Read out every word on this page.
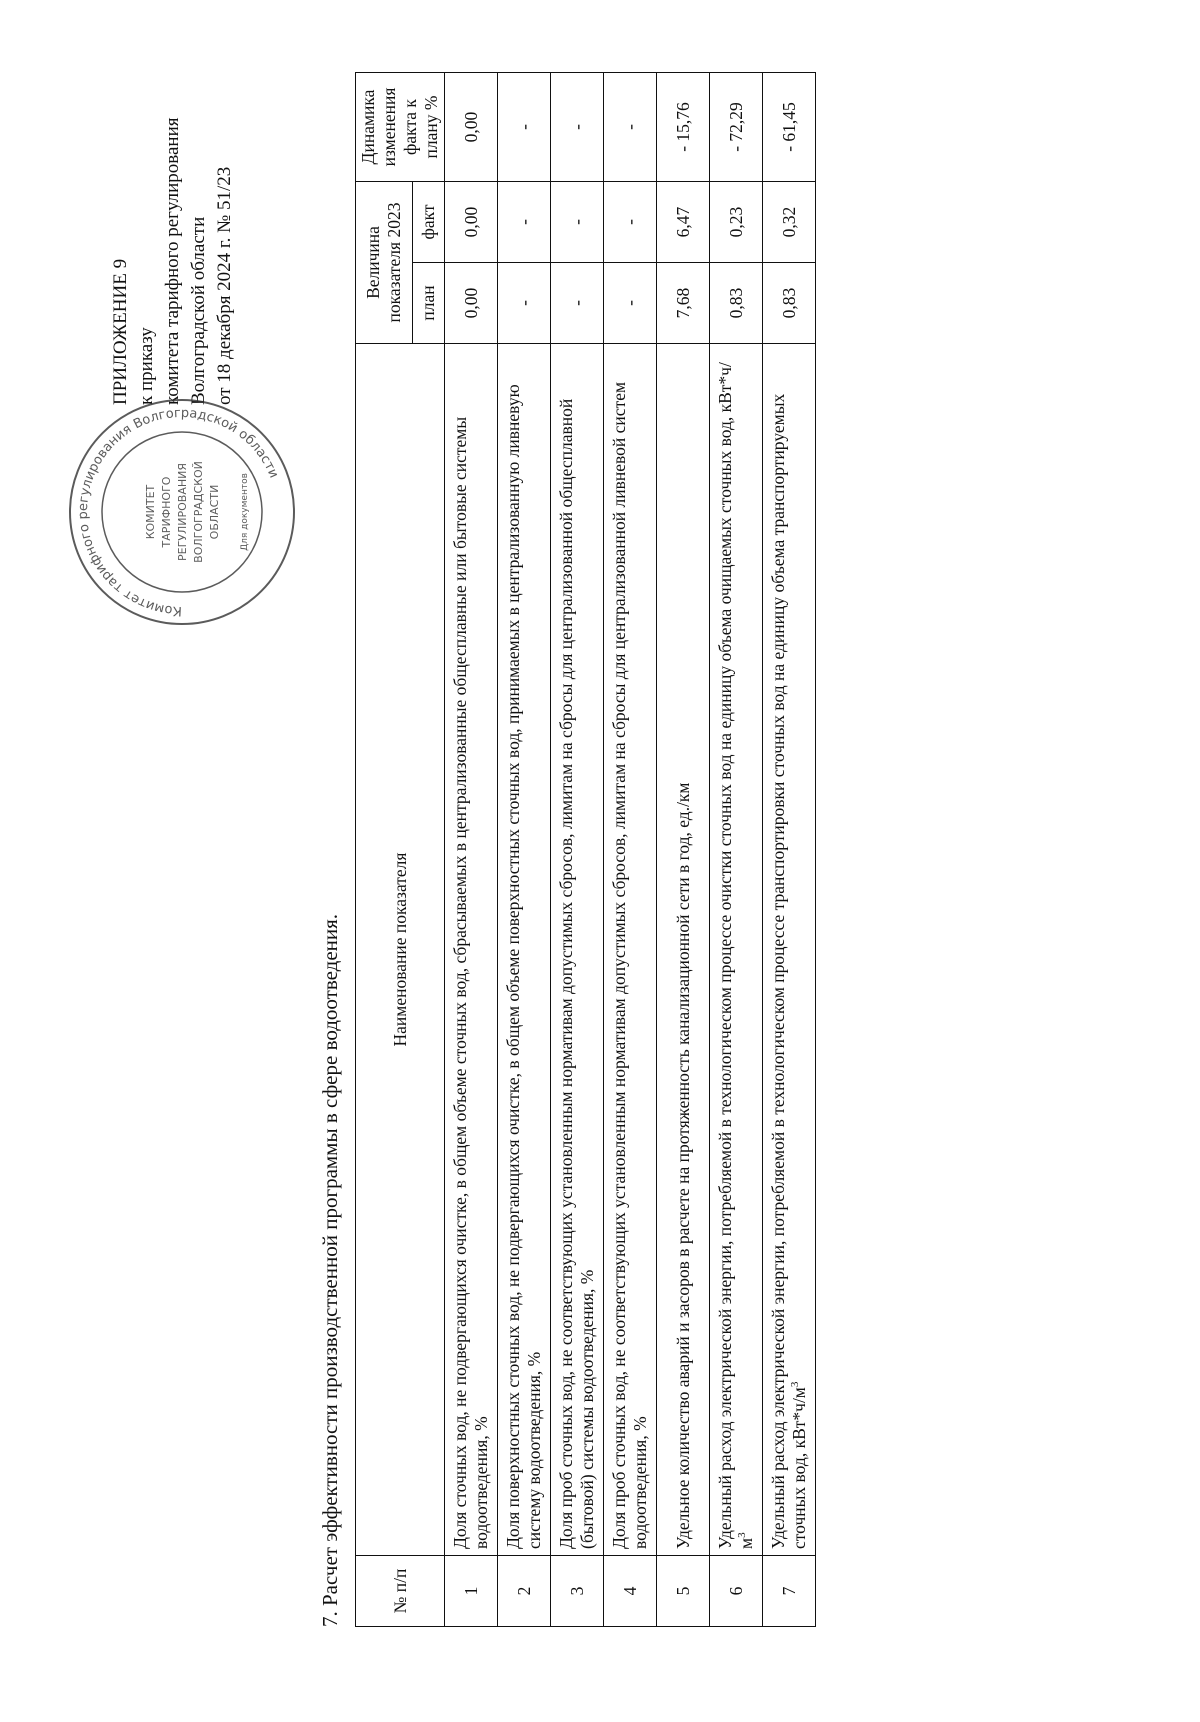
ПРИЛОЖЕНИЕ 9 к приказу комитета тарифного регулирования Волгоградской области от 18 декабря 2024 г. № 51/23
Комитет тарифного регулирования Волгоградской области
КОМИТЕТ ТАРИФНОГО РЕГУЛИРОВАНИЯ ВОЛГОГРАДСКОЙ ОБЛАСТИ Для документов
7. Расчет эффективности производственной программы в сфере водоотведения.	№ п/п	Наименование показателя	Величина показателя 2023		Динамика изменения факта к плану %
		план	факт	
1	Доля сточных вод, не подвергающихся очистке, в общем объеме сточных вод, сбрасываемых в централизованные общесплавные или бытовые системы водоотведения, %	0,00	0,00	0,00
2	Доля поверхностных сточных вод, не подвергающихся очистке, в общем объеме поверхностных сточных вод, принимаемых в централизованную ливневую систему водоотведения, %	-	-	-
3	Доля проб сточных вод, не соответствующих установленным нормативам допустимых сбросов, лимитам на сбросы для централизованной общесплавной (бытовой) системы водоотведения, %	-	-	-
4	Доля проб сточных вод, не соответствующих установленным нормативам допустимых сбросов, лимитам на сбросы для централизованной ливневой систем водоотведения, %	-	-	-
5	Удельное количество аварий и засоров в расчете на протяженность канализационной сети в год, ед./км	7,68	6,47	- 15,76
6	Удельный расход электрической энергии, потребляемой в технологическом процессе очистки сточных вод на единицу объема очищаемых сточных вод, $кВт*ч/м^3$	0,83	0,23	- 72,29
7	Удельный расход электрической энергии, потребляемой в технологическом процессе транспортировки сточных вод на единицу объема транспортируемых сточных вод, $кВт*ч/м^3$	0,83	0,32	- 61,45
